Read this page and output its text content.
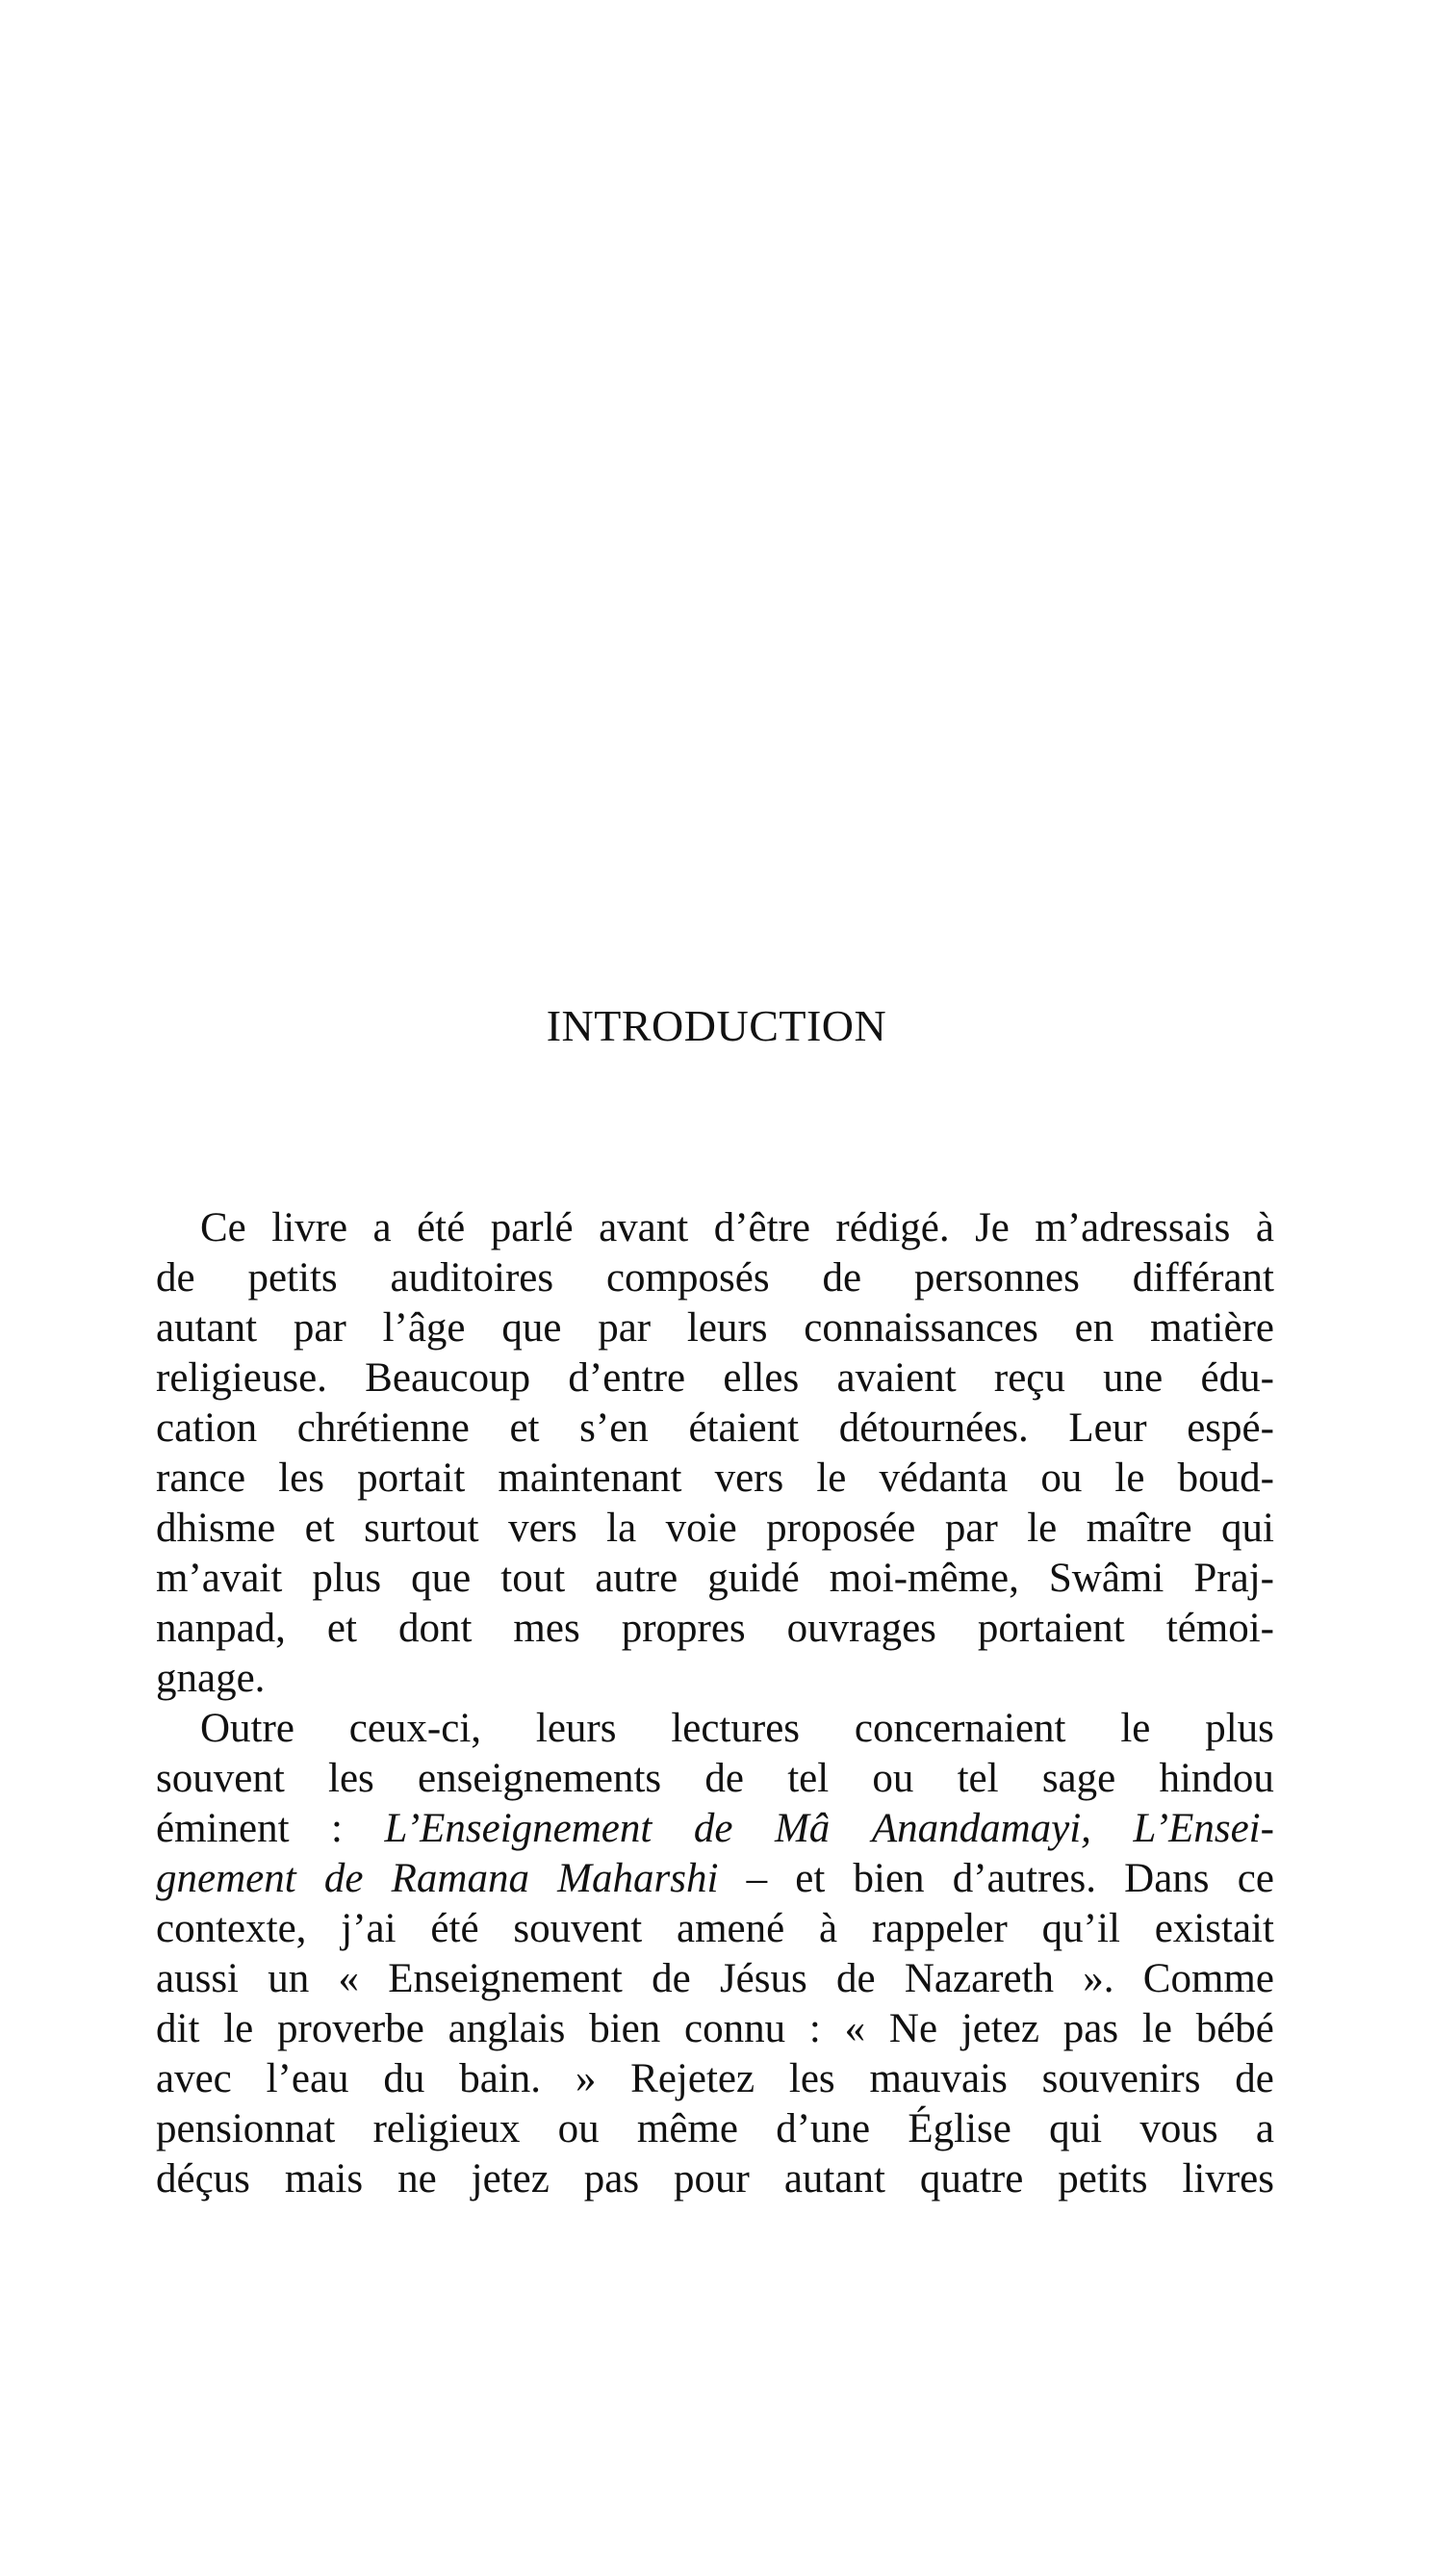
INTRODUCTION
Ce livre a été parlé avant d’être rédigé. Je m’adressais à
de petits auditoires composés de personnes différant
autant par l’âge que par leurs connaissances en matière
religieuse. Beaucoup d’entre elles avaient reçu une édu-
cation chrétienne et s’en étaient détournées. Leur espé-
rance les portait maintenant vers le védanta ou le boud-
dhisme et surtout vers la voie proposée par le maître qui
m’avait plus que tout autre guidé moi-même, Swâmi Praj-
nanpad, et dont mes propres ouvrages portaient témoi-
gnage.
Outre ceux-ci, leurs lectures concernaient le plus
souvent les enseignements de tel ou tel sage hindou
éminent : L’Enseignement de Mâ Anandamayi, L’Ensei-
gnement de Ramana Maharshi – et bien d’autres. Dans ce
contexte, j’ai été souvent amené à rappeler qu’il existait
aussi un « Enseignement de Jésus de Nazareth ». Comme
dit le proverbe anglais bien connu : « Ne jetez pas le bébé
avec l’eau du bain. » Rejetez les mauvais souvenirs de
pensionnat religieux ou même d’une Église qui vous a
déçus mais ne jetez pas pour autant quatre petits livres
